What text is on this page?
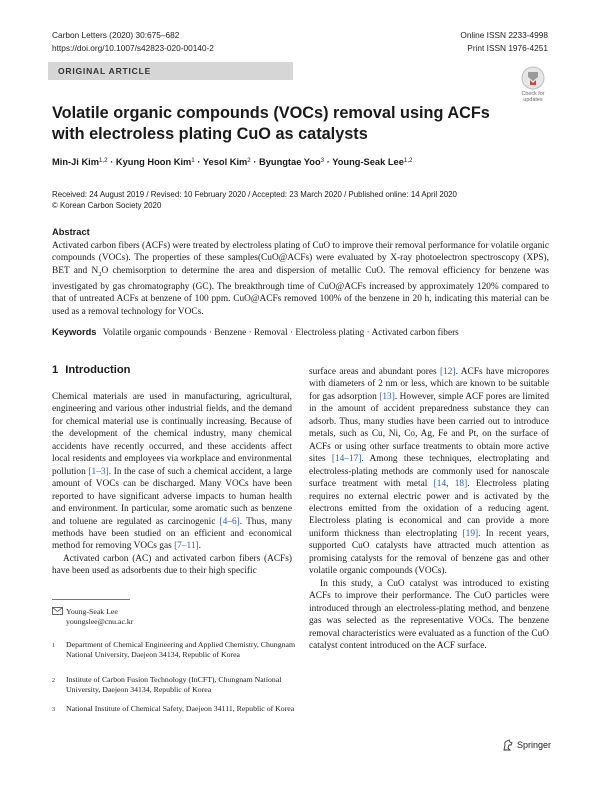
Carbon Letters (2020) 30:675–682
https://doi.org/10.1007/s42823-020-00140-2
Online ISSN 2233-4998
Print ISSN 1976-4251
ORIGINAL ARTICLE
Check for
updates
Volatile organic compounds (VOCs) removal using ACFs
with electroless plating CuO as catalysts
Min-Ji Kim$^{1,2}$ · Kyung Hoon Kim$^1$ · Yesol Kim$^2$ · Byungtae Yoo$^3$ · Young-Seak Lee$^{1,2}$
Received: 24 August 2019 / Revised: 10 February 2020 / Accepted: 23 March 2020 / Published online: 14 April 2020
© Korean Carbon Society 2020
Abstract

Activated carbon fibers (ACFs) were treated by electroless plating of CuO to improve their removal performance for volatile organic compounds (VOCs). The properties of these samples(CuO@ACFs) were evaluated by X-ray photoelectron spectroscopy (XPS), BET and $N_2O$ chemisorption to determine the area and dispersion of metallic CuO. The removal efficiency for benzene was investigated by gas chromatography (GC). The breakthrough time of CuO@ACFs increased by approximately 120% compared to that of untreated ACFs at benzene of 100 ppm. CuO@ACFs removed 100% of the benzene in 20 h, indicating this material can be used as a removal technology for VOCs.

Keywords Volatile organic compounds · Benzene · Removal · Electroless plating · Activated carbon fibers
1 Introduction

Chemical materials are used in manufacturing, agricultural, engineering and various other industrial fields, and the demand for chemical material use is continually increasing. Because of the development of the chemical industry, many chemical accidents have recently occurred, and these accidents affect local residents and employees via workplace and environmental pollution [1–3]. In the case of such a chemical accident, a large amount of VOCs can be discharged. Many VOCs have been reported to have significant adverse impacts to human health and environment. In particular, some aromatic such as benzene and toluene are regulated as carcinogenic [4–6]. Thus, many methods have been studied on an efficient and economical method for removing VOCs gas [7–11].

Activated carbon (AC) and activated carbon fibers (ACFs) have been used as adsorbents due to their high specific

surface areas and abundant pores [12]. ACFs have micropores with diameters of 2 nm or less, which are known to be suitable for gas adsorption [13]. However, simple ACF pores are limited in the amount of accident preparedness substance they can adsorb. Thus, many studies have been carried out to introduce metals, such as Cu, Ni, Co, Ag, Fe and Pt, on the surface of ACFs or using other surface treatments to obtain more active sites [14–17]. Among these techniques, electroplating and electroless-plating methods are commonly used for nanoscale surface treatment with metal [14, 18]. Electroless plating requires no external electric power and is activated by the electrons emitted from the oxidation of a reducing agent. Electroless plating is economical and can provide a more uniform thickness than electroplating [19]. In recent years, supported CuO catalysts have attracted much attention as promising catalysts for the removal of benzene gas and other volatile organic compounds (VOCs).

In this study, a CuO catalyst was introduced to existing ACFs to improve their performance. The CuO particles were introduced through an electroless-plating method, and benzene gas was selected as the representative VOCs. The benzene removal characteristics were evaluated as a function of the CuO catalyst content introduced on the ACF surface.

Young-Seak Lee
youngslee@cnu.ac.kr
1	Department of Chemical Engineering and Applied Chemistry, Chungnam National University, Daejeon 34134, Republic of Korea
2	Institute of Carbon Fusion Technology (InCFT), Chungnam National University, Daejeon 34134, Republic of Korea
3	National Institute of Chemical Safety, Daejeon 34111, Republic of Korea
Springer
